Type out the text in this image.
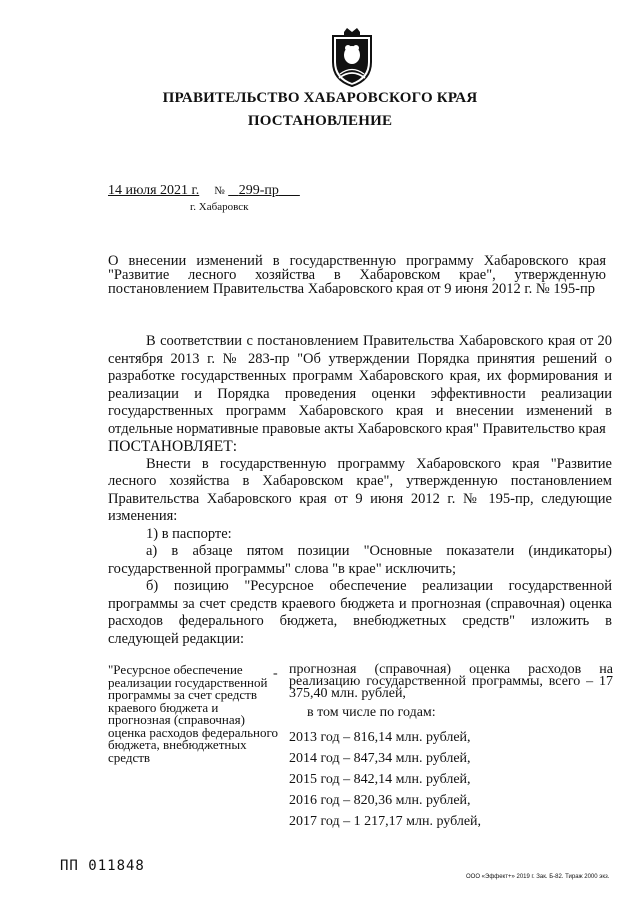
ПРАВИТЕЛЬСТВО ХАБАРОВСКОГО КРАЯ
ПОСТАНОВЛЕНИЕ
14 июля 2021 г. № 299-пр
г. Хабаровск
О внесении изменений в государственную программу Хабаровского края "Развитие лесного хозяйства в Хабаровском крае", утвержденную постановлением Правительства Хабаровского края от 9 июня 2012 г. № 195-пр

В соответствии с постановлением Правительства Хабаровского края от 20 сентября 2013 г. № 283-пр "Об утверждении Порядка принятия решений о разработке государственных программ Хабаровского края, их формирования и реализации и Порядка проведения оценки эффективности реализации государственных программ Хабаровского края и внесении изменений в отдельные нормативные правовые акты Хабаровского края" Правительство края

ПОСТАНОВЛЯЕТ:

Внести в государственную программу Хабаровского края "Развитие лесного хозяйства в Хабаровском крае", утвержденную постановлением Правительства Хабаровского края от 9 июня 2012 г. № 195-пр, следующие изменения:

1) в паспорте:

а) в абзаце пятом позиции "Основные показатели (индикаторы) государственной программы" слова "в крае" исключить;

б) позицию "Ресурсное обеспечение реализации государственной программы за счет средств краевого бюджета и прогнозная (справочная) оценка расходов федерального бюджета, внебюджетных средств" изложить в следующей редакции:

"Ресурсное обеспечение реализации государственной программы за счет средств краевого бюджета и прогнозная (справочная) оценка расходов федерального бюджета, внебюджетных средств
- прогнозная (справочная) оценка расходов на реализацию государственной программы, всего – 17 375,40 млн. рублей,
в том числе по годам:
2013 год – 816,14 млн. рублей,
2014 год – 847,34 млн. рублей,
2015 год – 842,14 млн. рублей,
2016 год – 820,36 млн. рублей,
2017 год – 1 217,17 млн. рублей,
ПП 011848
ООО «Эффект+» 2019 г. Зак. Б-82. Тираж 2000 экз.
